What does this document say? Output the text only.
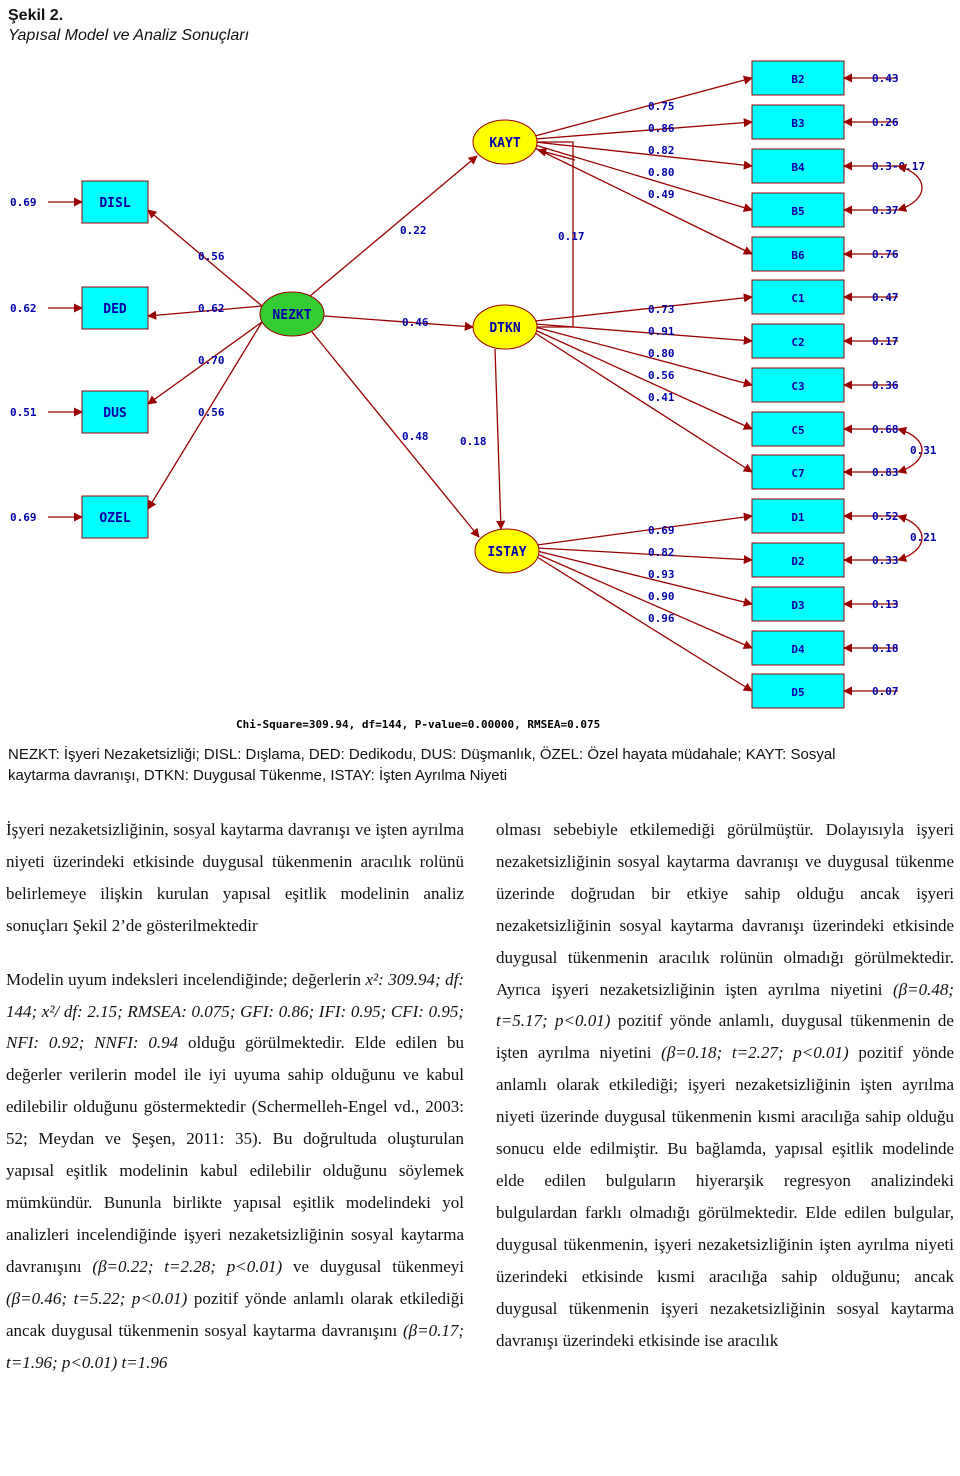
Şekil 2.
Yapısal Model ve Analiz Sonuçları
0.69
0.56
DISL
0.62	0.62
DED
0.51
0.70
DUS
0.69
0.56
OZEL
0.22
0.46
0.48
0.17
0.18
B2	0.43
B3	0.26
B4	0.3-0.17
B5	0.37
B6	0.76
C1	0.47
C2	0.17
C3	0.36
C5	0.68
C7	0.83
D1	0.52
D2	0.33
D3	0.13
D4	0.18
D5	0.07
0.75
0.86
0.82
0.80
0.49
0.73
0.91
0.80
0.56
0.41
0.69
0.82
0.93
0.90
0.96
0.31
0.21
NEZKT
KAYT
DTKN
ISTAY
Chi-Square=309.94, df=144, P-value=0.00000, RMSEA=0.075
NEZKT: İşyeri Nezaketsizliği; DISL: Dışlama, DED: Dedikodu, DUS: Düşmanlık, ÖZEL: Özel hayata müdahale; KAYT: Sosyal
kaytarma davranışı, DTKN: Duygusal Tükenme, ISTAY: İşten Ayrılma Niyeti

İşyeri nezaketsizliğinin, sosyal kaytarma davranışı ve işten ayrılma niyeti üzerindeki etkisinde duygusal tükenmenin aracılık rolünü belirlemeye ilişkin kurulan yapısal eşitlik modelinin analiz sonuçları Şekil 2’de gösterilmektedir

Modelin uyum indeksleri incelendiğinde; değerlerin x²: 309.94; df: 144; x²/ df: 2.15; RMSEA: 0.075; GFI: 0.86; IFI: 0.95; CFI: 0.95; NFI: 0.92; NNFI: 0.94 olduğu görülmektedir. Elde edilen bu değerler verilerin model ile iyi uyuma sahip olduğunu ve kabul edilebilir olduğunu göstermektedir (Schermelleh-Engel vd., 2003: 52; Meydan ve Şeşen, 2011: 35). Bu doğrultuda oluşturulan yapısal eşitlik modelinin kabul edilebilir olduğunu söylemek mümkündür. Bununla birlikte yapısal eşitlik modelindeki yol analizleri incelendiğinde işyeri nezaketsizliğinin sosyal kaytarma davranışını (β=0.22; t=2.28; p<0.01) ve duygusal tükenmeyi (β=0.46; t=5.22; p<0.01) pozitif yönde anlamlı olarak etkilediği ancak duygusal tükenmenin sosyal kaytarma davranışını (β=0.17; t=1.96; p<0.01) t=1.96

olması sebebiyle etkilemediği görülmüştür. Dolayısıyla işyeri nezaketsizliğinin sosyal kaytarma davranışı ve duygusal tükenme üzerinde doğrudan bir etkiye sahip olduğu ancak işyeri nezaketsizliğinin sosyal kaytarma davranışı üzerindeki etkisinde duygusal tükenmenin aracılık rolünün olmadığı görülmektedir. Ayrıca işyeri nezaketsizliğinin işten ayrılma niyetini (β=0.48; t=5.17; p<0.01) pozitif yönde anlamlı, duygusal tükenmenin de işten ayrılma niyetini (β=0.18; t=2.27; p<0.01) pozitif yönde anlamlı olarak etkilediği; işyeri nezaketsizliğinin işten ayrılma niyeti üzerinde duygusal tükenmenin kısmi aracılığa sahip olduğu sonucu elde edilmiştir. Bu bağlamda, yapısal eşitlik modelinde elde edilen bulguların hiyerarşik regresyon analizindeki bulgulardan farklı olmadığı görülmektedir. Elde edilen bulgular, duygusal tükenmenin, işyeri nezaketsizliğinin işten ayrılma niyeti üzerindeki etkisinde kısmi aracılığa sahip olduğunu; ancak duygusal tükenmenin işyeri nezaketsizliğinin sosyal kaytarma davranışı üzerindeki etkisinde ise aracılık
